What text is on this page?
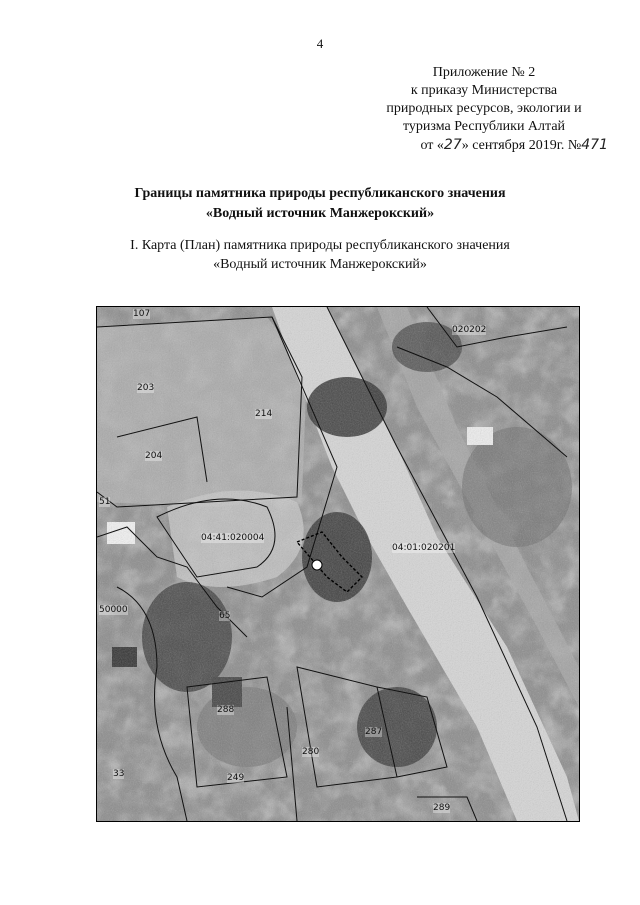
4
Приложение № 2
к приказу Министерства
природных ресурсов, экологии и
туризма Республики Алтай
от «27» сентября 2019г. №471
Границы памятника природы республиканского значения
«Водный источник Манжерокский»
I. Карта (План) памятника природы республиканского значения
«Водный источник Манжерокский»
203
214
204
51
04:41:020004
04:01:020201
50000
65
288
280
287
249
33
289
107
020202
